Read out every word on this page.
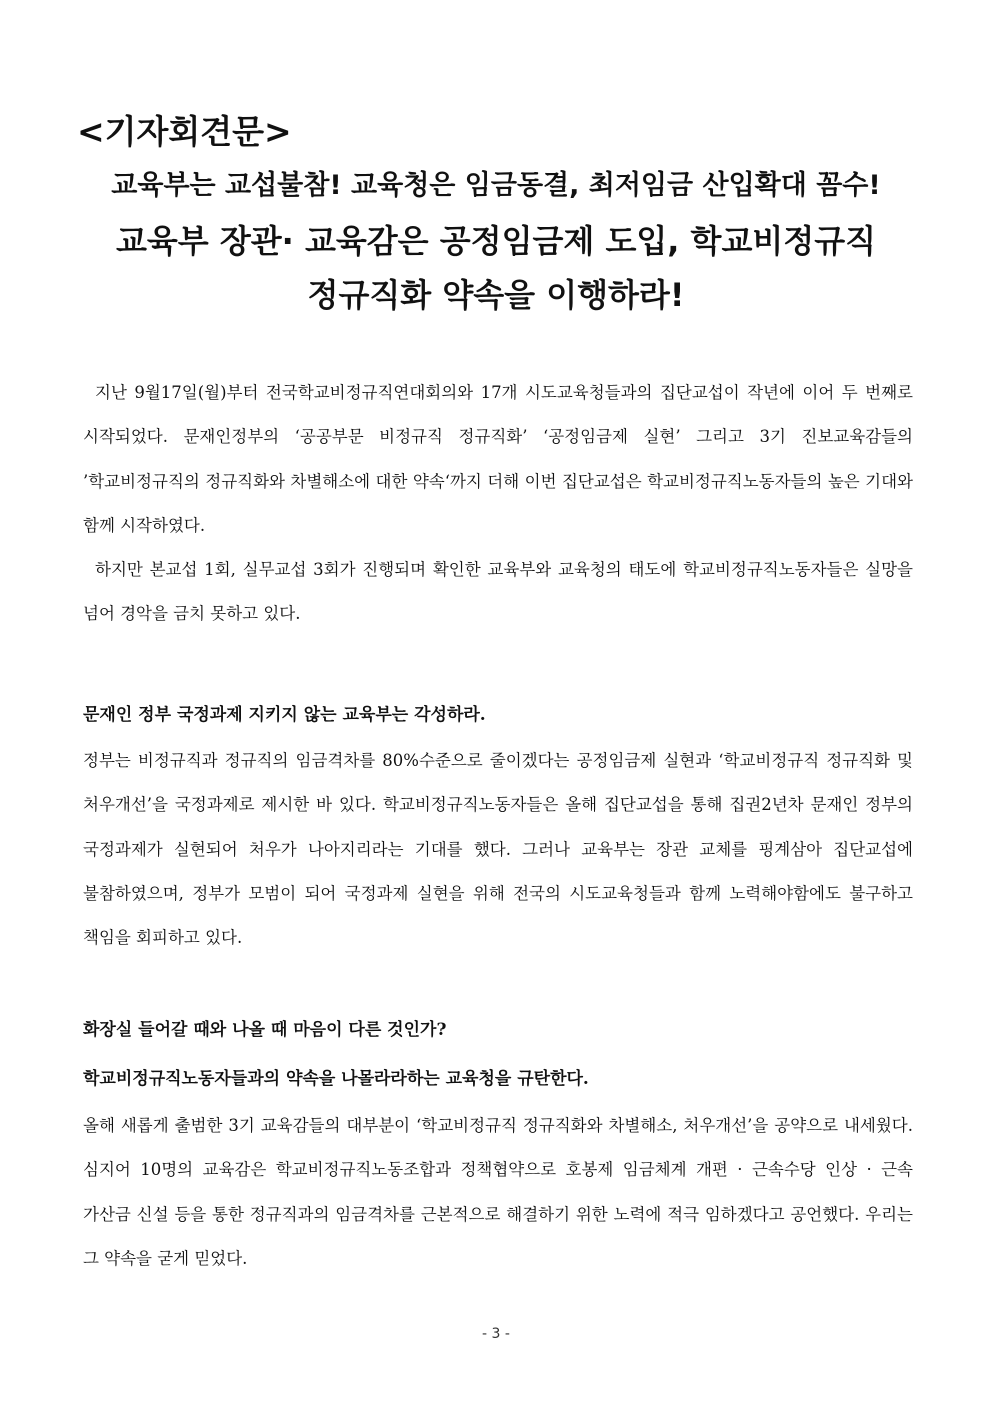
<기자회견문>
교육부는 교섭불참! 교육청은 임금동결, 최저임금 산입확대 꼼수!
교육부 장관· 교육감은 공정임금제 도입, 학교비정규직
정규직화 약속을 이행하라!

지난 9월17일(월)부터 전국학교비정규직연대회의와 17개 시도교육청들과의 집단교섭이 작년에 이어 두 번째로 시작되었다. 문재인정부의 ‘공공부문 비정규직 정규직화’ ‘공정임금제 실현’ 그리고 3기 진보교육감들의 ’학교비정규직의 정규직화와 차별해소에 대한 약속‘까지 더해 이번 집단교섭은 학교비정규직노동자들의 높은 기대와 함께 시작하였다.

하지만 본교섭 1회, 실무교섭 3회가 진행되며 확인한 교육부와 교육청의 태도에 학교비정규직노동자들은 실망을 넘어 경악을 금치 못하고 있다.

문재인 정부 국정과제 지키지 않는 교육부는 각성하라.

정부는 비정규직과 정규직의 임금격차를 80%수준으로 줄이겠다는 공정임금제 실현과 ‘학교비정규직 정규직화 및 처우개선’을 국정과제로 제시한 바 있다. 학교비정규직노동자들은 올해 집단교섭을 통해 집권2년차 문재인 정부의 국정과제가 실현되어 처우가 나아지리라는 기대를 했다. 그러나 교육부는 장관 교체를 핑계삼아 집단교섭에 불참하였으며, 정부가 모범이 되어 국정과제 실현을 위해 전국의 시도교육청들과 함께 노력해야함에도 불구하고 책임을 회피하고 있다.

화장실 들어갈 때와 나올 때 마음이 다른 것인가?
학교비정규직노동자들과의 약속을 나몰라라하는 교육청을 규탄한다.

올해 새롭게 출범한 3기 교육감들의 대부분이 ‘학교비정규직 정규직화와 차별해소, 처우개선’을 공약으로 내세웠다. 심지어 10명의 교육감은 학교비정규직노동조합과 정책협약으로 호봉제 임금체계 개편 · 근속수당 인상 · 근속 가산금 신설 등을 통한 정규직과의 임금격차를 근본적으로 해결하기 위한 노력에 적극 임하겠다고 공언했다. 우리는 그 약속을 굳게 믿었다.

- 3 -
